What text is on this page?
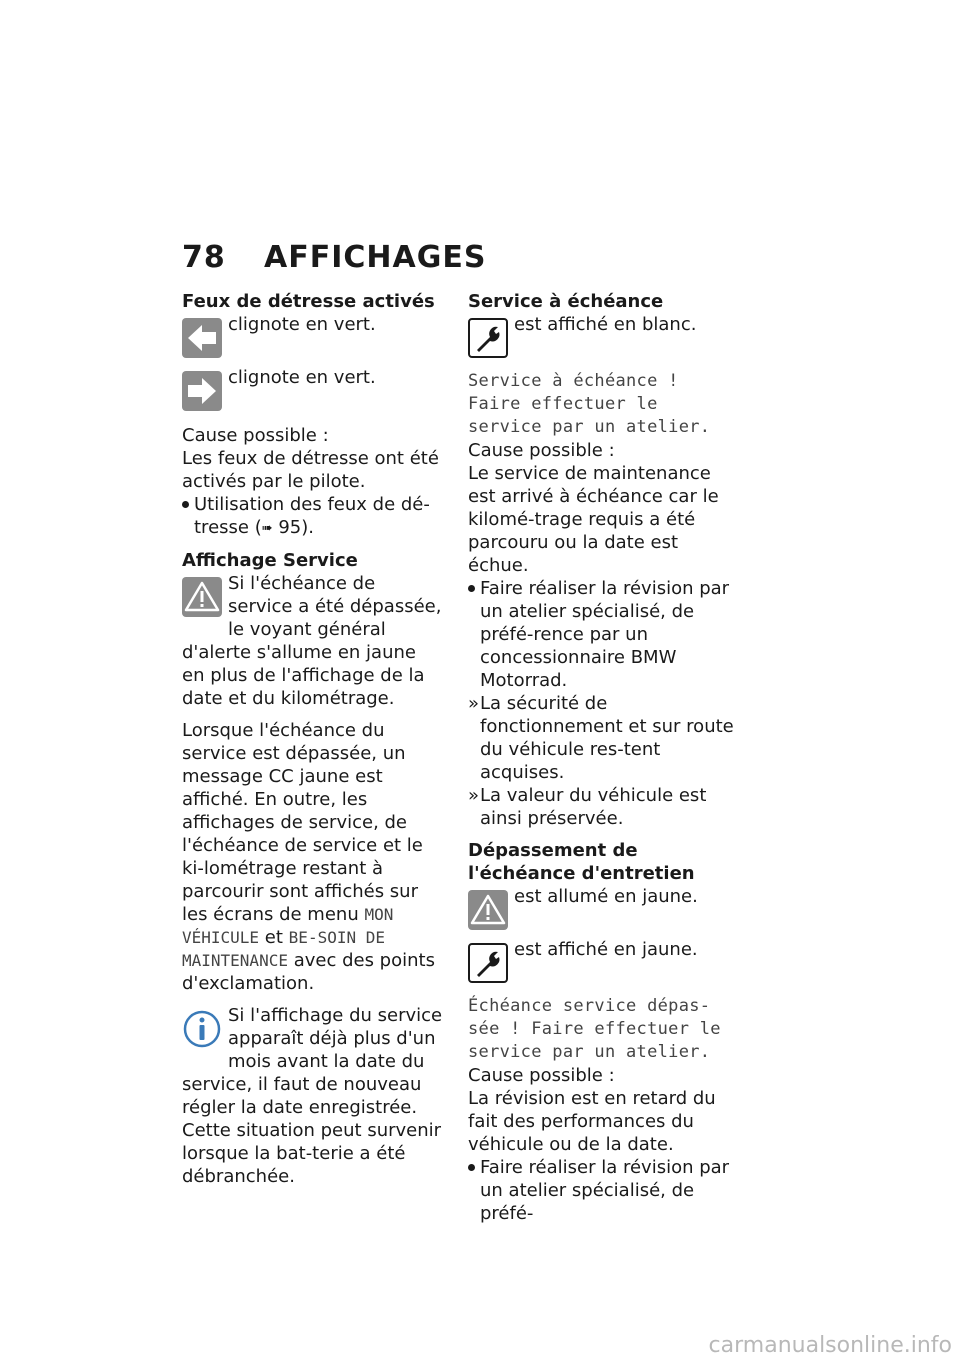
78 AFFICHAGES
Feux de détresse activés
clignote en vert.
clignote en vert.

Cause possible :

Les feux de détresse ont été activés par le pilote.

Utilisation des feux de dé-tresse (➠ 95).
Affichage Service
Si l'échéance de service a été dépassée, le voyant général d'alerte s'allume en jaune en plus de l'affichage de la date et du kilométrage.

Lorsque l'échéance du service est dépassée, un message CC jaune est affiché. En outre, les affichages de service, de l'échéance de service et le ki-lométrage restant à parcourir sont affichés sur les écrans de menu MON VÉHICULE et BE-SOIN DE MAINTENANCE avec des points d'exclamation.

Si l'affichage du service apparaît déjà plus d'un mois avant la date du service, il faut de nouveau régler la date enregistrée. Cette situation peut survenir lorsque la bat-terie a été débranchée.
Service à échéance
est affiché en blanc.

Service à échéance ! Faire effectuer le service par un atelier.

Cause possible :

Le service de maintenance est arrivé à échéance car le kilomé-trage requis a été parcouru ou la date est échue.

Faire réaliser la révision par un atelier spécialisé, de préfé-rence par un concessionnaire BMW Motorrad.
» La sécurité de fonctionnement et sur route du véhicule res-tent acquises.
» La valeur du véhicule est ainsi préservée.
Dépassement de l'échéance d'entretien
est allumé en jaune.
est affiché en jaune.

Échéance service dépas-sée ! Faire effectuer le service par un atelier.

Cause possible :

La révision est en retard du fait des performances du véhicule ou de la date.

Faire réaliser la révision par un atelier spécialisé, de préfé-
carmanualsonline.info
